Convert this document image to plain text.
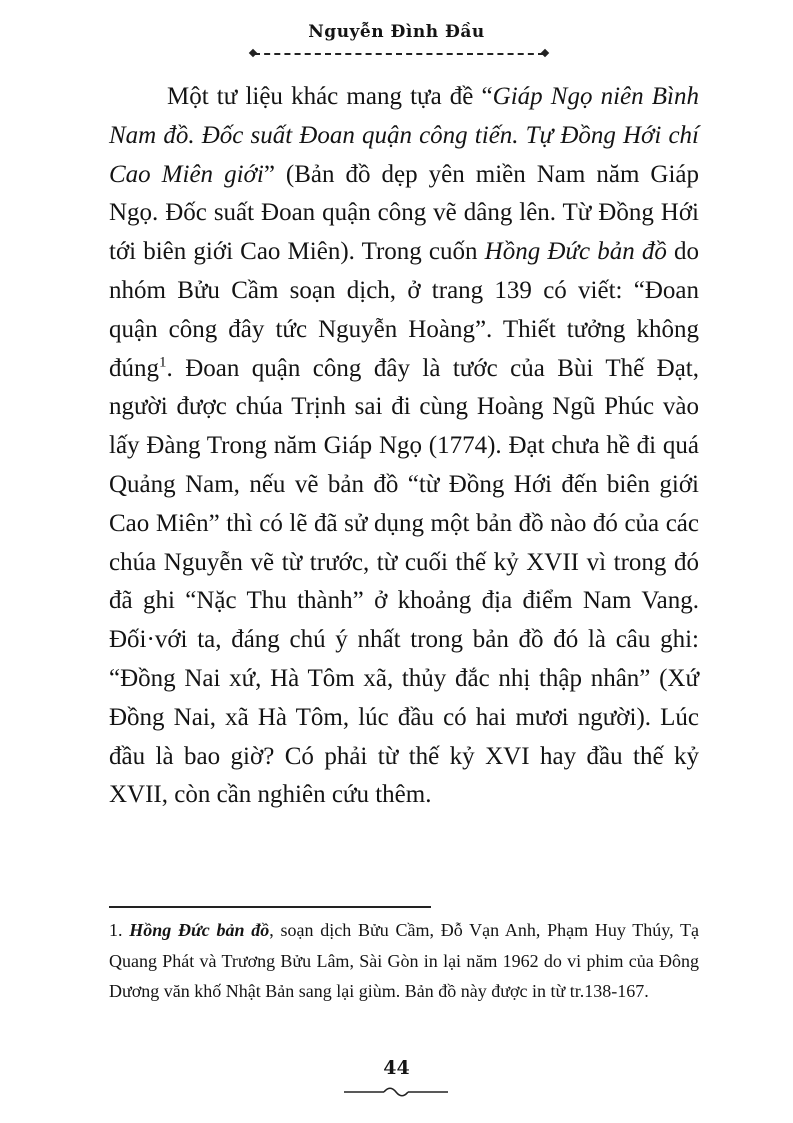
Nguyễn Đình Đầu

Một tư liệu khác mang tựa đề “Giáp Ngọ niên Bình Nam đồ. Đốc suất Đoan quận công tiến. Tự Đồng Hới chí Cao Miên giới” (Bản đồ dẹp yên miền Nam năm Giáp Ngọ. Đốc suất Đoan quận công vẽ dâng lên. Từ Đồng Hới tới biên giới Cao Miên). Trong cuốn Hồng Đức bản đồ do nhóm Bửu Cầm soạn dịch, ở trang 139 có viết: “Đoan quận công đây tức Nguyễn Hoàng”. Thiết tưởng không đúng$^1$. Đoan quận công đây là tước của Bùi Thế Đạt, người được chúa Trịnh sai đi cùng Hoàng Ngũ Phúc vào lấy Đàng Trong năm Giáp Ngọ (1774). Đạt chưa hề đi quá Quảng Nam, nếu vẽ bản đồ “từ Đồng Hới đến biên giới Cao Miên” thì có lẽ đã sử dụng một bản đồ nào đó của các chúa Nguyễn vẽ từ trước, từ cuối thế kỷ XVII vì trong đó đã ghi “Nặc Thu thành” ở khoảng địa điểm Nam Vang. Đối·với ta, đáng chú ý nhất trong bản đồ đó là câu ghi: “Đồng Nai xứ, Hà Tôm xã, thủy đắc nhị thập nhân” (Xứ Đồng Nai, xã Hà Tôm, lúc đầu có hai mươi người). Lúc đầu là bao giờ? Có phải từ thế kỷ XVI hay đầu thế kỷ XVII, còn cần nghiên cứu thêm.

1. Hồng Đức bản đồ, soạn dịch Bửu Cầm, Đỗ Vạn Anh, Phạm Huy Thúy, Tạ Quang Phát và Trương Bửu Lâm, Sài Gòn in lại năm 1962 do vi phim của Đông Dương văn khố Nhật Bản sang lại giùm. Bản đồ này được in từ tr.138-167.

44
